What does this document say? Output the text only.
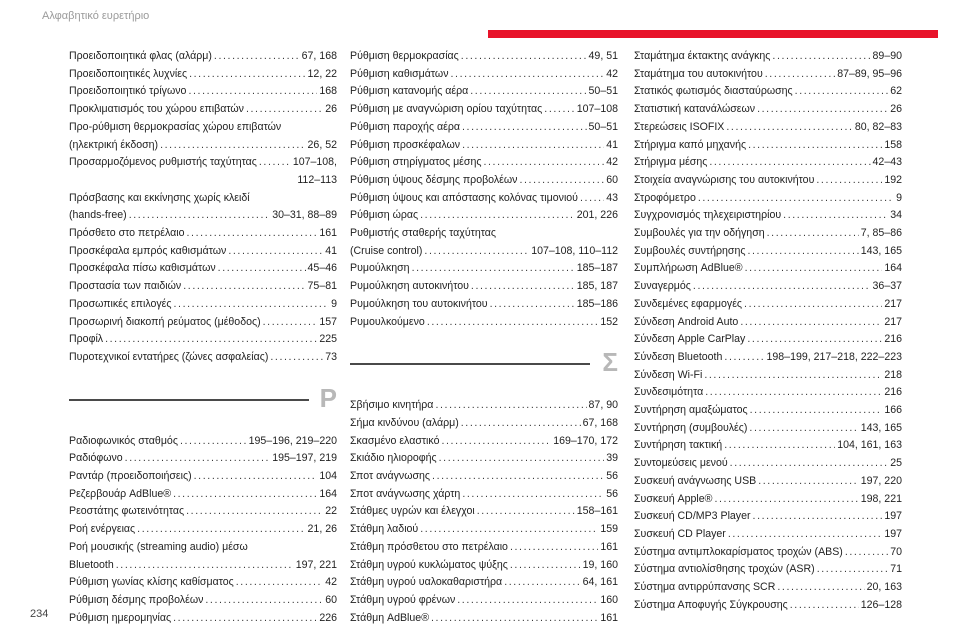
Αλφαβητικό ευρετήριο
Προειδοποιητικά φλας (αλάρμ) .....	67, 168
Προειδοποιητικές λυχνίες .....	12, 22
Προειδοποιητικό τρίγωνο .....	168
Προκλιματισμός του χώρου επιβατών .....	26
Προ-ρύθμιση θερμοκρασίας χώρου επιβατών
(ηλεκτρική έκδοση) .....	26, 52
Προσαρμοζόμενος ρυθμιστής ταχύτητας .....	107–108,
112–113
Πρόσβασης και εκκίνησης χωρίς κλειδί
(hands-free) .....	30–31, 88–89
Πρόσθετο στο πετρέλαιο .....	161
Προσκέφαλα εμπρός καθισμάτων .....	41
Προσκέφαλα πίσω καθισμάτων .....	45–46
Προστασία των παιδιών .....	75–81
Προσωπικές επιλογές .....	9
Προσωρινή διακοπή ρεύματος (μέθοδος) .....	157
Προφίλ .....	225
Πυροτεχνικοί εντατήρες (ζώνες ασφαλείας) .....	73
Ρ
Ραδιοφωνικός σταθμός .....	195–196, 219–220
Ραδιόφωνο .....	195–197, 219
Ραντάρ (προειδοποιήσεις) .....	104
Ρεζερβουάρ AdBlue® .....	164
Ρεοστάτης φωτεινότητας .....	22
Ροή ενέργειας .....	21, 26
Ροή μουσικής (streaming audio) μέσω
Bluetooth .....	197, 221
Ρύθμιση γωνίας κλίσης καθίσματος .....	42
Ρύθμιση δέσμης προβολέων .....	60
Ρύθμιση ημερομηνίας .....	226
Ρύθμιση θερμοκρασίας .....	49, 51
Ρύθμιση καθισμάτων .....	42
Ρύθμιση κατανομής αέρα .....	50–51
Ρύθμιση με αναγνώριση ορίου ταχύτητας .....	107–108
Ρύθμιση παροχής αέρα .....	50–51
Ρύθμιση προσκέφαλων .....	41
Ρύθμιση στηρίγματος μέσης .....	42
Ρύθμιση ύψους δέσμης προβολέων .....	60
Ρύθμιση ύψους και απόστασης κολόνας τιμονιού .....	43
Ρύθμιση ώρας .....	201, 226
Ρυθμιστής σταθερής ταχύτητας
(Cruise control) .....	107–108, 110–112
Ρυμούλκηση .....	185–187
Ρυμούλκηση αυτοκινήτου .....	185, 187
Ρυμούλκηση του αυτοκινήτου .....	185–186
Ρυμουλκούμενο .....	152
Σ
Σβήσιμο κινητήρα .....	87, 90
Σήμα κινδύνου (αλάρμ) .....	67, 168
Σκασμένο ελαστικό .....	169–170, 172
Σκιάδιο ηλιοροφής .....	39
Σποτ ανάγνωσης .....	56
Σποτ ανάγνωσης χάρτη .....	56
Στάθμες υγρών και έλεγχοι .....	158–161
Στάθμη λαδιού .....	159
Στάθμη πρόσθετου στο πετρέλαιο .....	161
Στάθμη υγρού κυκλώματος ψύξης .....	19, 160
Στάθμη υγρού υαλοκαθαριστήρα .....	64, 161
Στάθμη υγρού φρένων .....	160
Στάθμη AdBlue® .....	161
Σταμάτημα έκτακτης ανάγκης .....	89–90
Σταμάτημα του αυτοκινήτου .....	87–89, 95–96
Στατικός φωτισμός διασταύρωσης .....	62
Στατιστική κατανάλώσεων .....	26
Στερεώσεις ISOFIX .....	80, 82–83
Στήριγμα καπό μηχανής .....	158
Στήριγμα μέσης .....	42–43
Στοιχεία αναγνώρισης του αυτοκινήτου .....	192
Στροφόμετρο .....	9
Συγχρονισμός τηλεχειριστηρίου .....	34
Συμβουλές για την οδήγηση .....	7, 85–86
Συμβουλές συντήρησης .....	143, 165
Συμπλήρωση AdBlue® .....	164
Συναγερμός .....	36–37
Συνδεμένες εφαρμογές .....	217
Σύνδεση Android Auto .....	217
Σύνδεση Apple CarPlay .....	216
Σύνδεση Bluetooth .....	198–199, 217–218, 222–223
Σύνδεση Wi-Fi .....	218
Συνδεσιμότητα .....	216
Συντήρηση αμαξώματος .....	166
Συντήρηση (συμβουλές) .....	143, 165
Συντήρηση τακτική .....	104, 161, 163
Συντομεύσεις μενού .....	25
Συσκευή ανάγνωσης USB .....	197, 220
Συσκευή Apple® .....	198, 221
Συσκευή CD/MP3 Player .....	197
Συσκευή CD Player .....	197
Σύστημα αντιμπλοκαρίσματος τροχών (ABS) .....	70
Σύστημα αντιολίσθησης τροχών (ASR) .....	71
Σύστημα αντιρρύπανσης SCR .....	20, 163
Σύστημα Αποφυγής Σύγκρουσης .....	126–128
234
